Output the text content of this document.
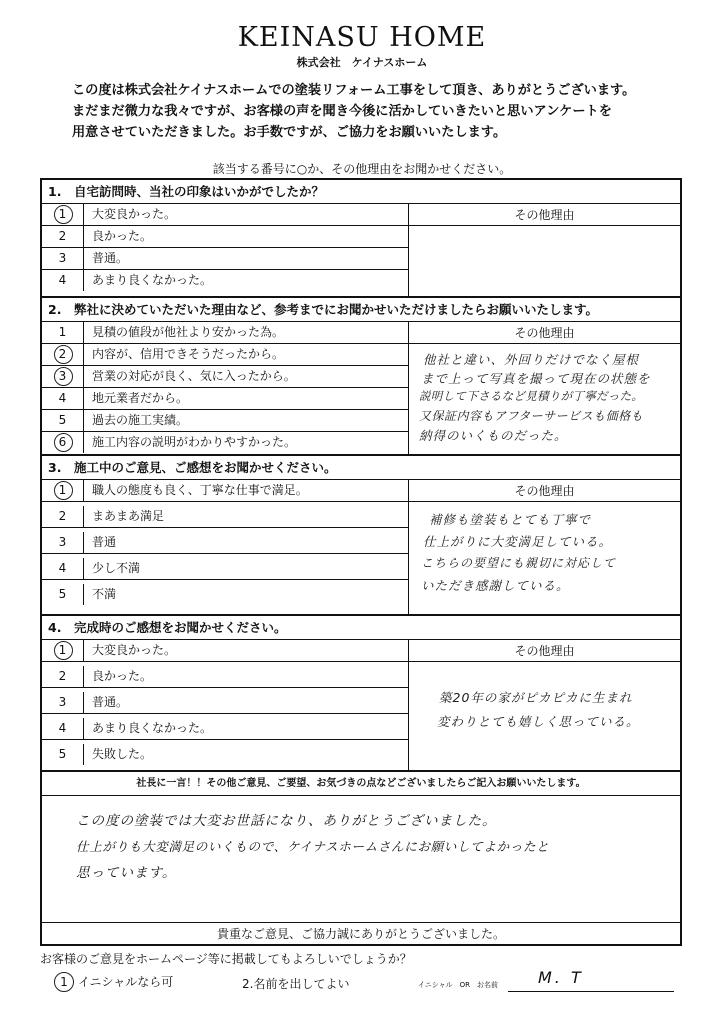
KEINASU HOME
株式会社　ケイナスホーム
この度は株式会社ケイナスホームでの塗装リフォーム工事をして頂き、ありがとうございます。
まだまだ微力な我々ですが、お客様の声を聞き今後に活かしていきたいと思いアンケートを
用意させていただきました。お手数ですが、ご協力をお願いいたします。
該当する番号に○か、その他理由をお聞かせください。
1.　自宅訪問時、当社の印象はいかがでしたか？
1	大変良かった。
2	良かった。
3	普通。
4	あまり良くなかった。
その他理由
2.　弊社に決めていただいた理由など、参考までにお聞かせいただけましたらお願いいたします。
1	見積の値段が他社より安かった為。
2	内容が、信用できそうだったから。
3	営業の対応が良く、気に入ったから。
4	地元業者だから。
5	過去の施工実績。
6	施工内容の説明がわかりやすかった。
その他理由
他社と違い、外回りだけでなく屋根
まで上って写真を撮って現在の状態を
説明して下さるなど見積りが丁寧だった。
又保証内容もアフターサービスも価格も
納得のいくものだった。
3.　施工中のご意見、ご感想をお聞かせください。
1	職人の態度も良く、丁寧な仕事で満足。
2	まあまあ満足
3	普通
4	少し不満
5	不満
その他理由
補修も塗装もとても丁寧で
仕上がりに大変満足している。
こちらの要望にも親切に対応して
いただき感謝している。
4.　完成時のご感想をお聞かせください。
1	大変良かった。
2	良かった。
3	普通。
4	あまり良くなかった。
5	失敗した。
その他理由
築20年の家がピカピカに生まれ
変わりとても嬉しく思っている。
社長に一言！！その他ご意見、ご要望、お気づきの点などございましたらご記入お願いいたします。
この度の塗装では大変お世話になり、ありがとうございました。
仕上がりも大変満足のいくもので、ケイナスホームさんにお願いしてよかったと
思っています。
貴重なご意見、ご協力誠にありがとうございました。
お客様のご意見をホームページ等に掲載してもよろしいでしょうか？
1 イニシャルなら可	2.名前を出してよい	イニシャル　OR　お名前	M. T
